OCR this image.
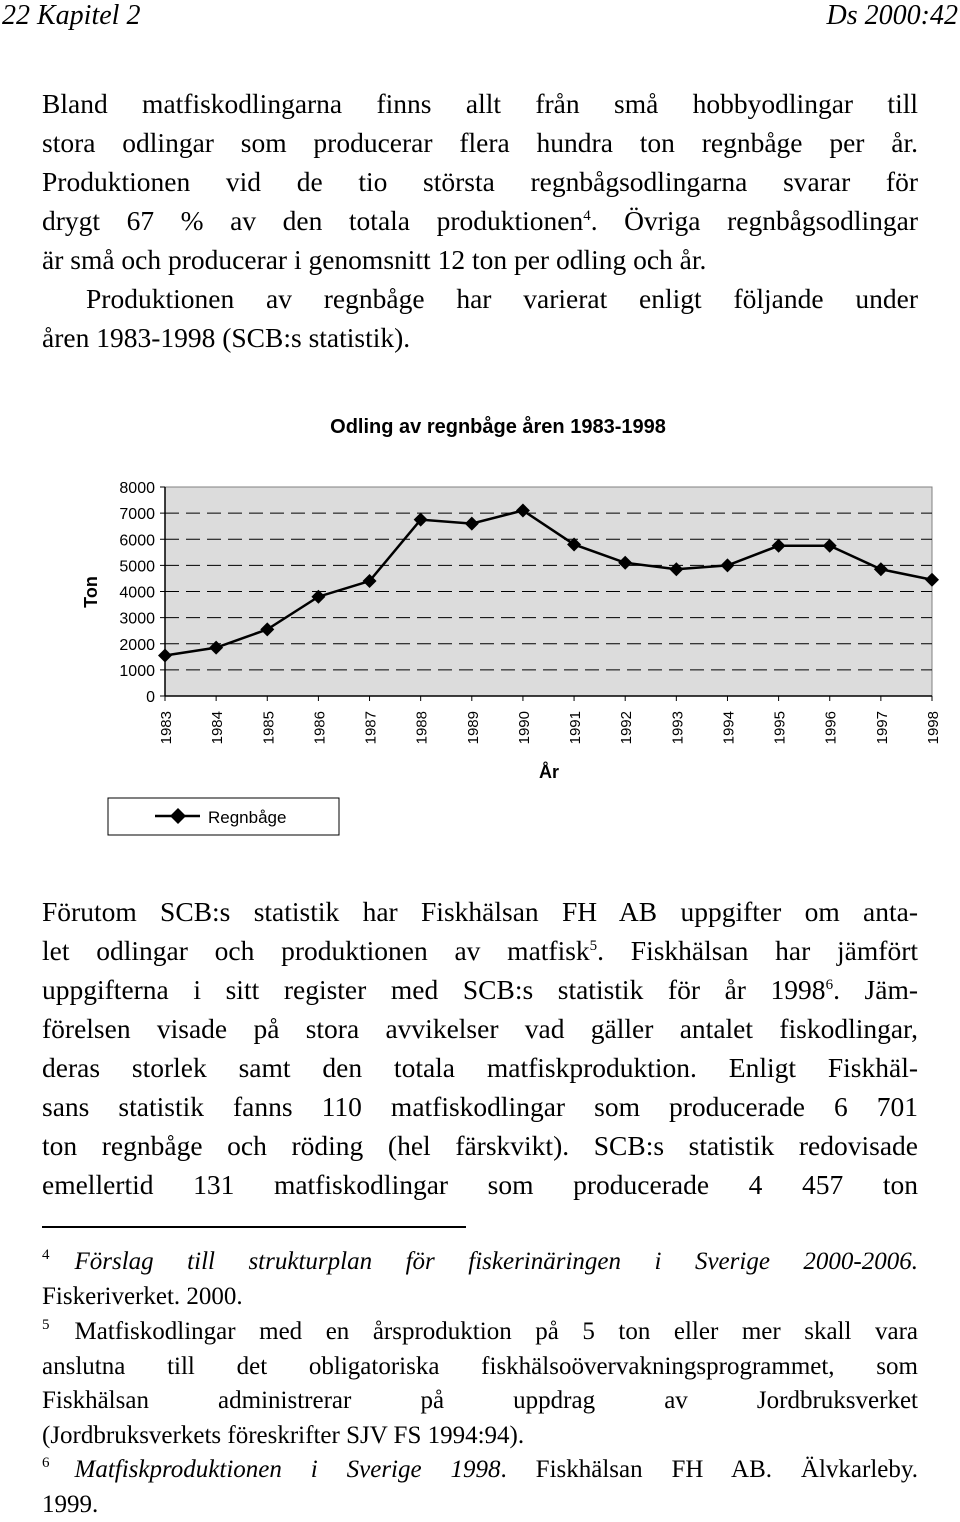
22 Kapitel 2	Ds 2000:42
Bland matfiskodlingarna finns allt från små hobbyodlingar till
stora odlingar som producerar flera hundra ton regnbåge per år.
Produktionen vid de tio största regnbågsodlingarna svarar för
drygt 67 % av den totala produktionen$^4$. Övriga regnbågsodlingar
är små och producerar i genomsnitt 12 ton per odling och år.
Produktionen av regnbåge har varierat enligt följande under
åren 1983-1998 (SCB:s statistik).
Odling av regnbåge åren 1983-1998
0
1000
2000
3000
4000
5000
6000
7000
8000
1983 1984 1985 1986 1987 1988 1989 1990 1991 1992 1993 1994 1995 1996 1997 1998
Ton
År
Regnbåge
Förutom SCB:s statistik har Fiskhälsan FH AB uppgifter om anta-
let odlingar och produktionen av matfisk$^5$. Fiskhälsan har jämfört
uppgifterna i sitt register med SCB:s statistik för år 1998$^6$. Jäm-
förelsen visade på stora avvikelser vad gäller antalet fiskodlingar,
deras storlek samt den totala matfiskproduktion. Enligt Fiskhäl-
sans statistik fanns 110 matfiskodlingar som producerade 6 701
ton regnbåge och röding (hel färskvikt). SCB:s statistik redovisade
emellertid 131 matfiskodlingar som producerade 4 457 ton
$^4$  Förslag till strukturplan för fiskerinäringen i Sverige 2000-2006.
Fiskeriverket. 2000.
$^5$  Matfiskodlingar med en årsproduktion på 5 ton eller mer skall vara
anslutna till det obligatoriska fiskhälsoövervakningsprogrammet, som
Fiskhälsan administrerar på uppdrag av Jordbruksverket
(Jordbruksverkets föreskrifter SJV FS 1994:94).
$^6$  Matfiskproduktionen i Sverige 1998. Fiskhälsan FH AB. Älvkarleby.
1999.
